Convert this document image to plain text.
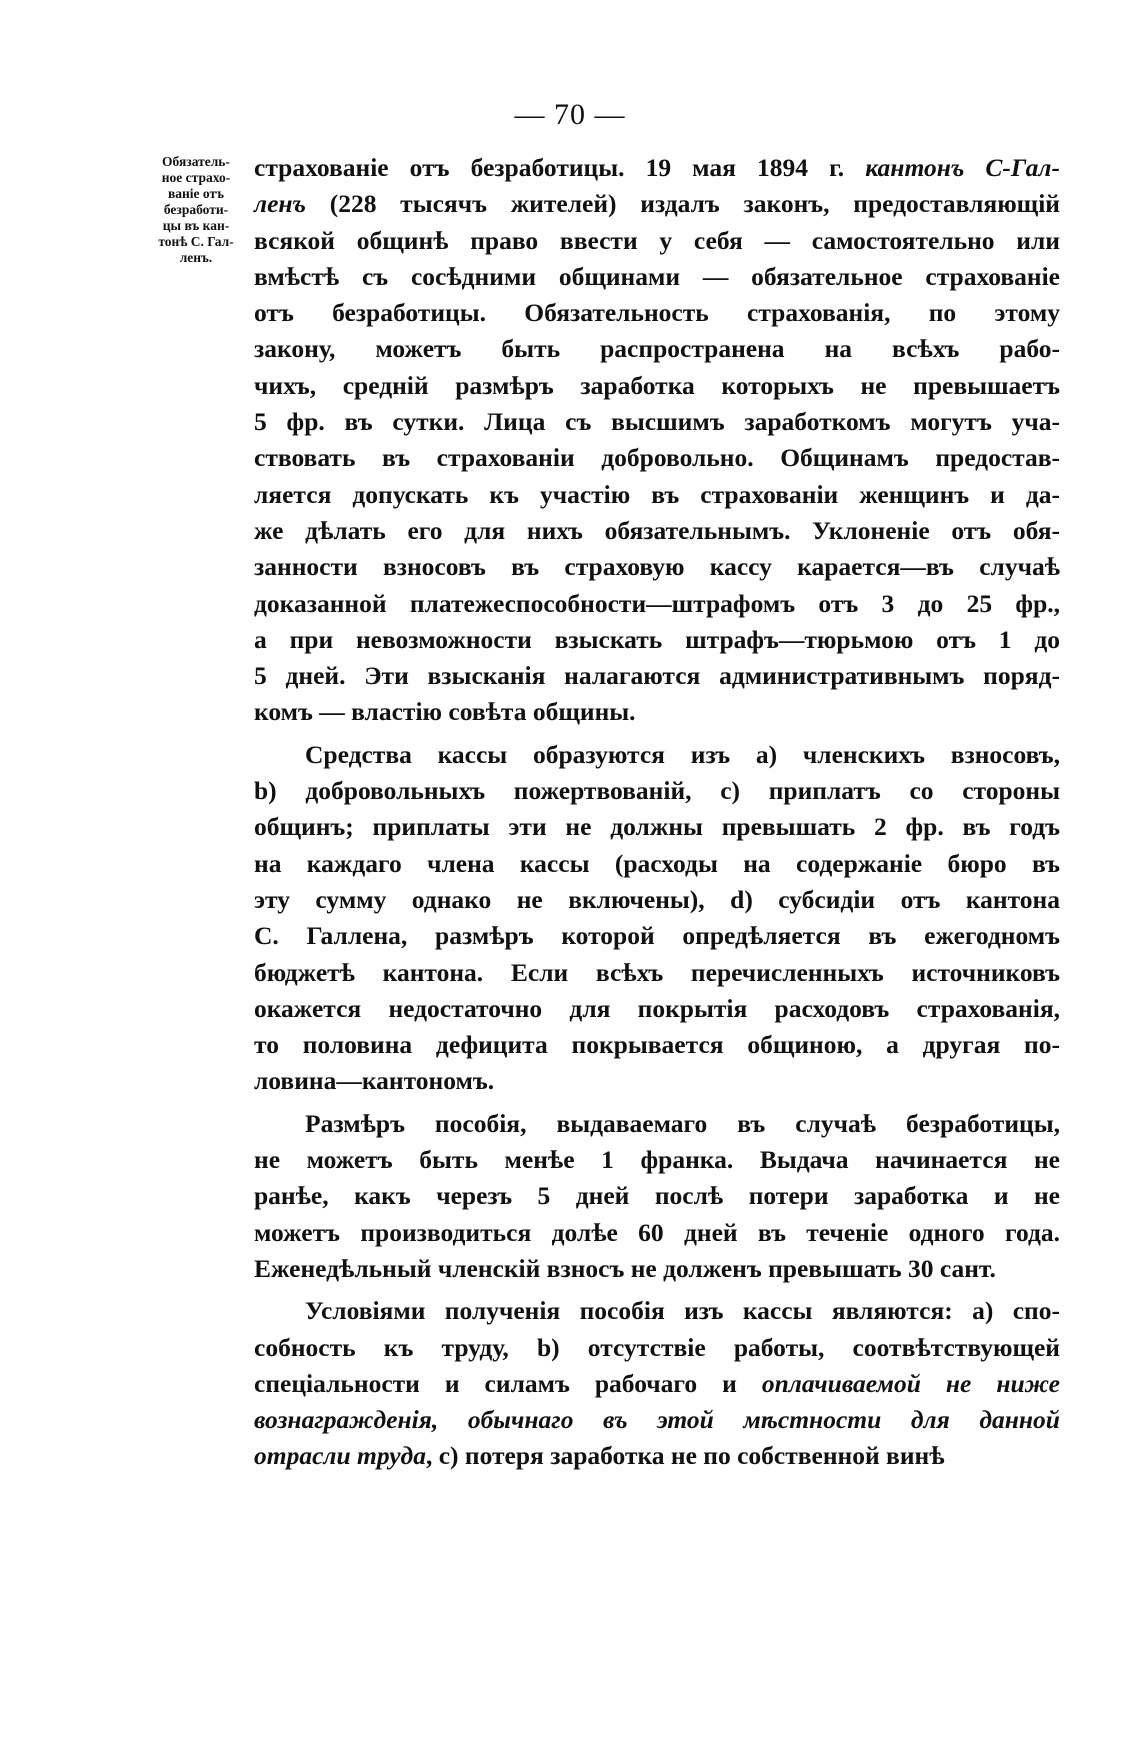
— 70 —
Обязатель-
ное страхо-
ваніе отъ
безработи-
цы въ кан-
тонѣ С. Гал-
ленъ.

страхованіе отъ безработицы. 19 мая 1894 г. кантонъ С-Гал-
ленъ (228 тысячъ жителей) издалъ законъ, предоставляющій
всякой общинѣ право ввести у себя — самостоятельно или
вмѣстѣ съ сосѣдними общинами — обязательное страхованіе
отъ безработицы. Обязательность страхованія, по этому
закону, можетъ быть распространена на всѣхъ рабо-
чихъ, средній размѣръ заработка которыхъ не превышаетъ
5 фр. въ сутки. Лица съ высшимъ заработкомъ могутъ уча-
ствовать въ страхованіи добровольно. Общинамъ предостав-
ляется допускать къ участію въ страхованіи женщинъ и да-
же дѣлать его для нихъ обязательнымъ. Уклоненіе отъ обя-
занности взносовъ въ страховую кассу карается—въ случаѣ
доказанной платежеспособности—штрафомъ отъ 3 до 25 фр.,
а при невозможности взыскать штрафъ—тюрьмою отъ 1 до
5 дней. Эти взысканія налагаются административнымъ поряд-
комъ — властію совѣта общины.

  Средства кассы образуются изъ a) членскихъ взносовъ,
b) добровольныхъ пожертвованій, c) приплатъ со стороны
общинъ; приплаты эти не должны превышать 2 фр. въ годъ
на каждаго члена кассы (расходы на содержаніе бюро въ
эту сумму однако не включены), d) субсидіи отъ кантона
С. Галлена, размѣръ которой опредѣляется въ ежегодномъ
бюджетѣ кантона. Если всѣхъ перечисленныхъ источниковъ
окажется недостаточно для покрытія расходовъ страхованія,
то половина дефицита покрывается общиною, а другая по-
ловина—кантономъ.

  Размѣръ пособія, выдаваемаго въ случаѣ безработицы,
не можетъ быть менѣе 1 франка. Выдача начинается не
ранѣе, какъ черезъ 5 дней послѣ потери заработка и не
можетъ производиться долѣе 60 дней въ теченіе одного года.
Еженедѣльный членскій взносъ не долженъ превышать 30 сант.

  Условіями полученія пособія изъ кассы являются: a) спо-
собность къ труду, b) отсутствіе работы, соотвѣтствующей
спеціальности и силамъ рабочаго и оплачиваемой не ниже
вознагражденія, обычнаго въ этой мѣстности для данной
отрасли труда, c) потеря заработка не по собственной винѣ
